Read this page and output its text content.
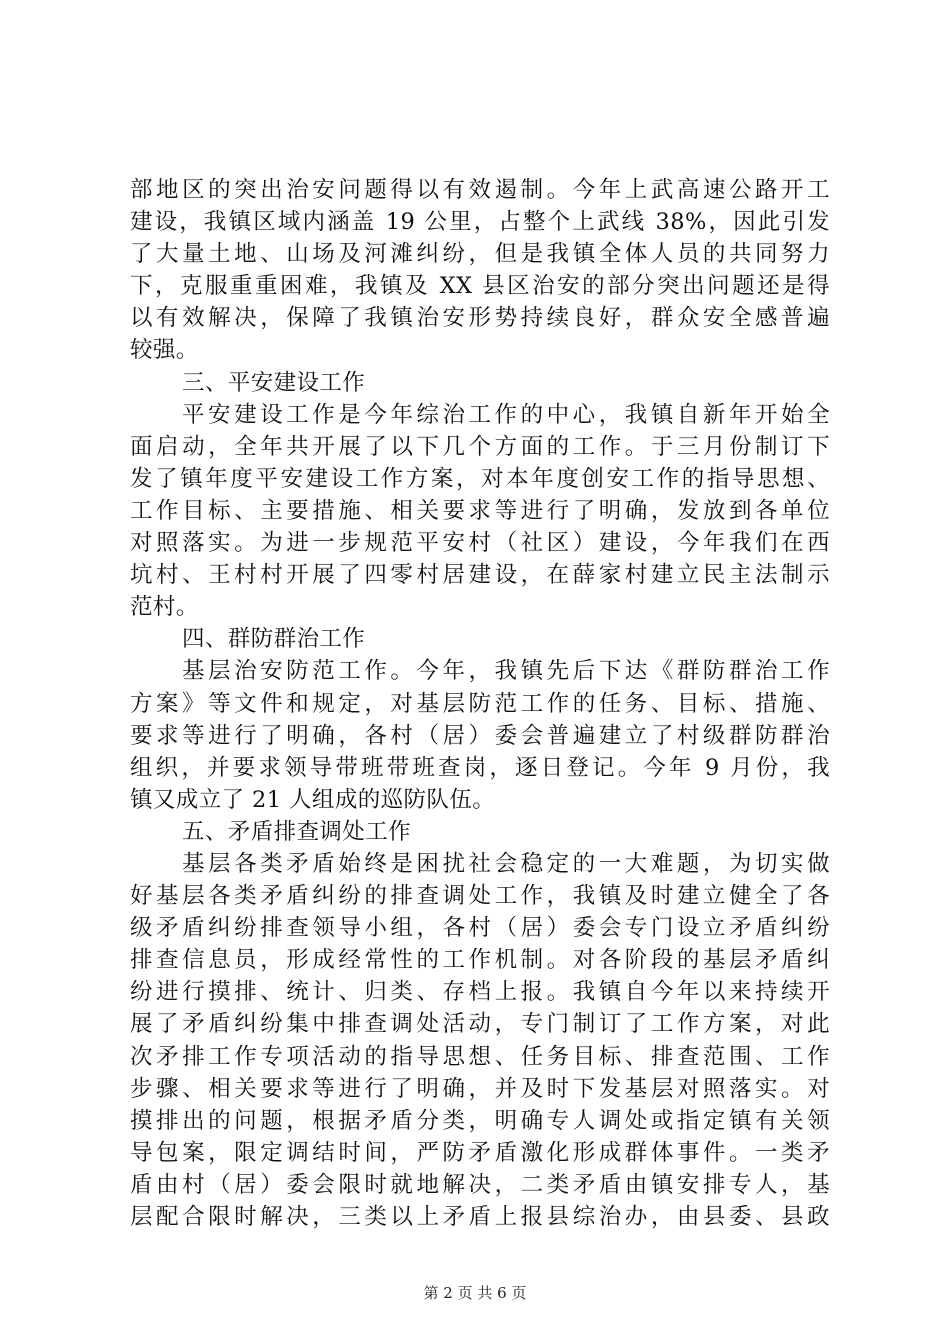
部地区的突出治安问题得以有效遏制。今年上武高速公路开工
建设，我镇区域内涵盖 19 公里，占整个上武线 38%，因此引发
了大量土地、山场及河滩纠纷，但是我镇全体人员的共同努力
下，克服重重困难，我镇及 XX 县区治安的部分突出问题还是得
以有效解决，保障了我镇治安形势持续良好，群众安全感普遍
较强。
三、平安建设工作
平安建设工作是今年综治工作的中心，我镇自新年开始全
面启动，全年共开展了以下几个方面的工作。于三月份制订下
发了镇年度平安建设工作方案，对本年度创安工作的指导思想、
工作目标、主要措施、相关要求等进行了明确，发放到各单位
对照落实。为进一步规范平安村（社区）建设，今年我们在西
坑村、王村村开展了四零村居建设，在薛家村建立民主法制示
范村。
四、群防群治工作
基层治安防范工作。今年，我镇先后下达《群防群治工作
方案》等文件和规定，对基层防范工作的任务、目标、措施、
要求等进行了明确，各村（居）委会普遍建立了村级群防群治
组织，并要求领导带班带班查岗，逐日登记。今年 9 月份，我
镇又成立了 21 人组成的巡防队伍。
五、矛盾排查调处工作
基层各类矛盾始终是困扰社会稳定的一大难题，为切实做
好基层各类矛盾纠纷的排查调处工作，我镇及时建立健全了各
级矛盾纠纷排查领导小组，各村（居）委会专门设立矛盾纠纷
排查信息员，形成经常性的工作机制。对各阶段的基层矛盾纠
纷进行摸排、统计、归类、存档上报。我镇自今年以来持续开
展了矛盾纠纷集中排查调处活动，专门制订了工作方案，对此
次矛排工作专项活动的指导思想、任务目标、排查范围、工作
步骤、相关要求等进行了明确，并及时下发基层对照落实。对
摸排出的问题，根据矛盾分类，明确专人调处或指定镇有关领
导包案，限定调结时间，严防矛盾激化形成群体事件。一类矛
盾由村（居）委会限时就地解决，二类矛盾由镇安排专人，基
层配合限时解决，三类以上矛盾上报县综治办，由县委、县政
第 2 页 共 6 页
